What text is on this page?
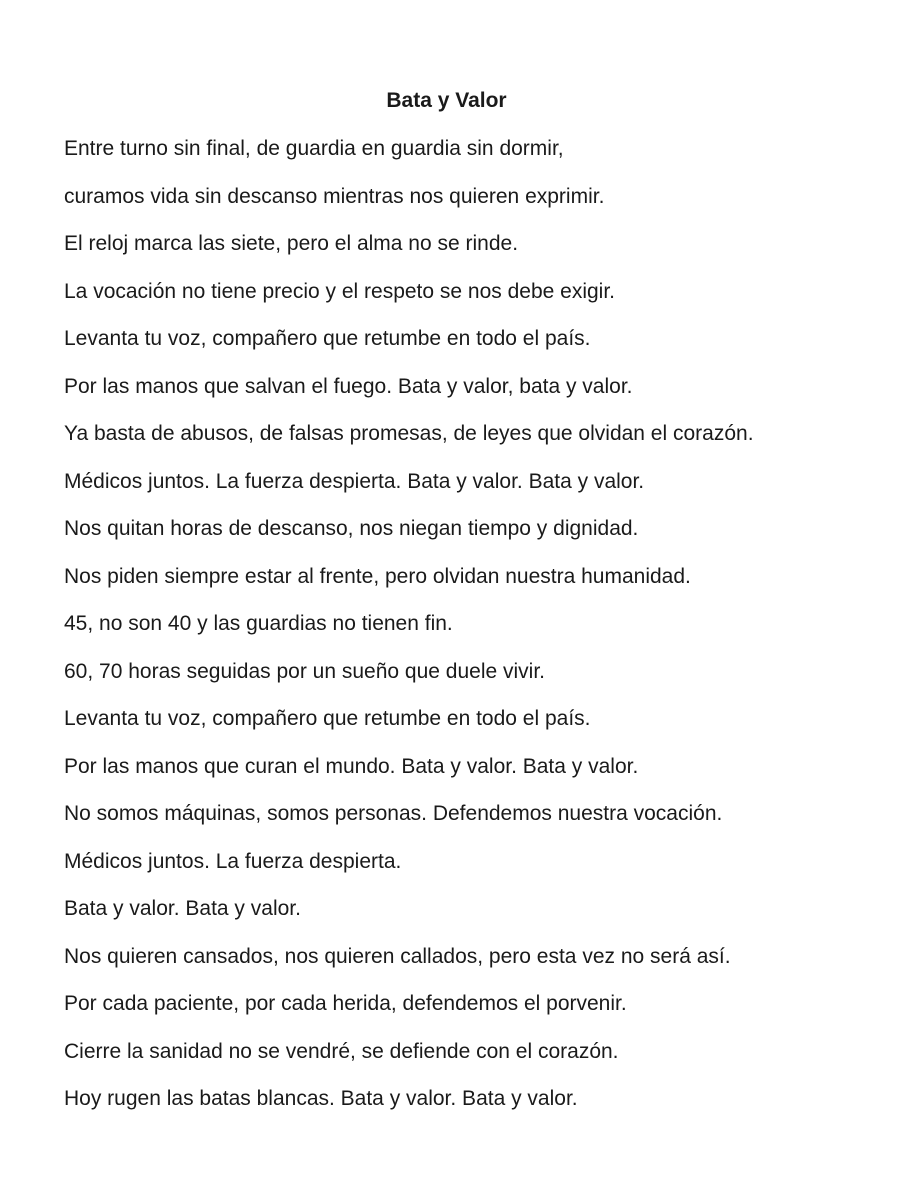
Bata y Valor

Entre turno sin final, de guardia en guardia sin dormir,

curamos vida sin descanso mientras nos quieren exprimir.

El reloj marca las siete, pero el alma no se rinde.

La vocación no tiene precio y el respeto se nos debe exigir.

Levanta tu voz, compañero que retumbe en todo el país.

Por las manos que salvan el fuego. Bata y valor, bata y valor.

Ya basta de abusos, de falsas promesas, de leyes que olvidan el corazón.

Médicos juntos. La fuerza despierta. Bata y valor. Bata y valor.

Nos quitan horas de descanso, nos niegan tiempo y dignidad.

Nos piden siempre estar al frente, pero olvidan nuestra humanidad.

45, no son 40 y las guardias no tienen fin.

60, 70 horas seguidas por un sueño que duele vivir.

Levanta tu voz, compañero que retumbe en todo el país.

Por las manos que curan el mundo. Bata y valor. Bata y valor.

No somos máquinas, somos personas. Defendemos nuestra vocación.

Médicos juntos. La fuerza despierta.

Bata y valor. Bata y valor.

Nos quieren cansados, nos quieren callados, pero esta vez no será así.

Por cada paciente, por cada herida, defendemos el porvenir.

Cierre la sanidad no se vendré, se defiende con el corazón.

Hoy rugen las batas blancas. Bata y valor. Bata y valor.
